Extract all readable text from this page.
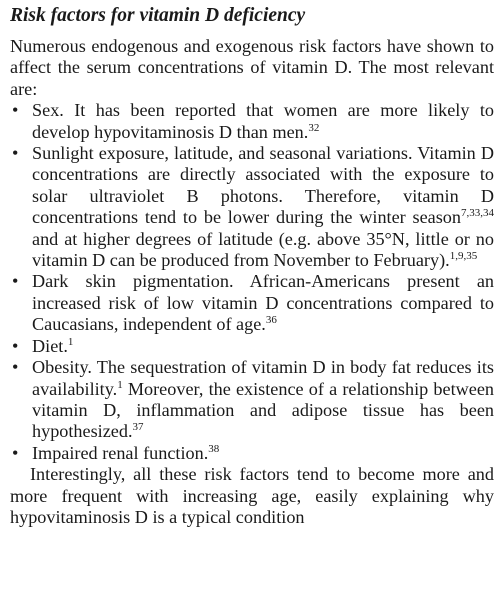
Risk factors for vitamin D deficiency

Numerous endogenous and exogenous risk factors have shown to affect the serum concentrations of vitamin D. The most relevant are:

• Sex. It has been reported that women are more likely to develop hypovitaminosis D than men.$^{32}$
• Sunlight exposure, latitude, and seasonal variations. Vitamin D concentrations are directly associated with the exposure to solar ultraviolet B photons. Therefore, vitamin D concentrations tend to be lower during the winter season$^{7,33,34}$ and at higher degrees of latitude (e.g. above 35°N, little or no vitamin D can be produced from November to February).$^{1,9,35}$
• Dark skin pigmentation. African-Americans present an increased risk of low vitamin D concentrations compared to Caucasians, independent of age.$^{36}$
• Diet.$^1$
• Obesity. The sequestration of vitamin D in body fat reduces its availability.$^1$ Moreover, the existence of a relationship between vitamin D, inflammation and adipose tissue has been hypothesized.$^{37}$
• Impaired renal function.$^{38}$

Interestingly, all these risk factors tend to become more and more frequent with increasing age, easily explaining why hypovitaminosis D is a typical condition
